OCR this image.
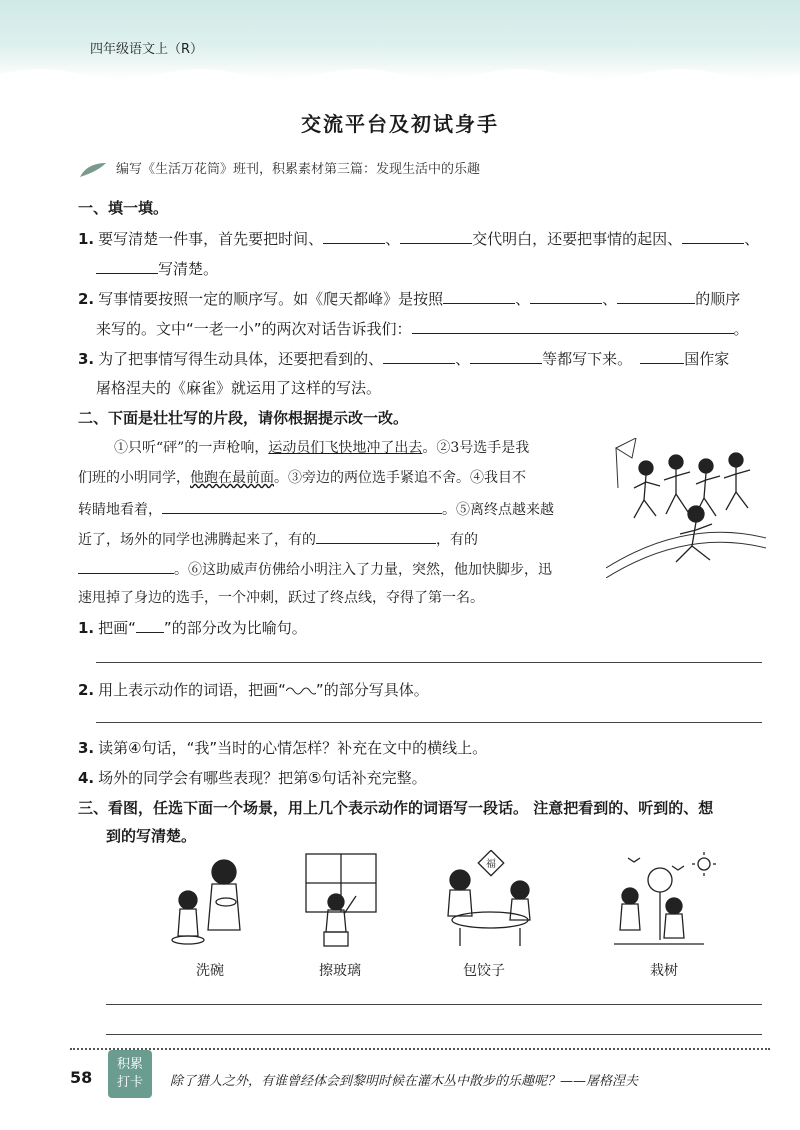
四年级语文上（R）
交流平台及初试身手
编写《生活万花筒》班刊，积累素材第三篇：发现生活中的乐趣
一、填一填。
1. 要写清楚一件事，首先要把时间、	、	交代明白，还要把事情的起因、	、
写清楚。
2. 写事情要按照一定的顺序写。如《爬天都峰》是按照	、	、	的顺序
来写的。文中“一老一小”的两次对话告诉我们：	。
3. 为了把事情写得生动具体，还要把看到的、	、	等都写下来。	国作家
屠格涅夫的《麻雀》就运用了这样的写法。
二、下面是壮壮写的片段，请你根据提示改一改。
①只听“砰”的一声枪响，运动员们飞快地冲了出去。②3号选手是我
们班的小明同学，他跑在最前面。③旁边的两位选手紧追不舍。④我目不
转睛地看着，	。⑤离终点越来越
近了，场外的同学也沸腾起来了，有的	，有的
。⑥这助威声仿佛给小明注入了力量，突然，他加快脚步，迅
速甩掉了身边的选手，一个冲刺，跃过了终点线，夺得了第一名。
1. 把画“ ”的部分改为比喻句。
2. 用上表示动作的词语，把画“ ”的部分写具体。
3. 读第④句话，“我”当时的心情怎样？补充在文中的横线上。
4. 场外的同学会有哪些表现？把第⑤句话补充完整。
三、看图，任选下面一个场景，用上几个表示动作的词语写一段话。 注意把看到的、听到的、想
到的写清楚。
洗碗	擦玻璃
福
包饺子	栽树
58
积累
打卡	除了猎人之外，有谁曾经体会到黎明时候在灌木丛中散步的乐趣呢？——屠格涅夫
